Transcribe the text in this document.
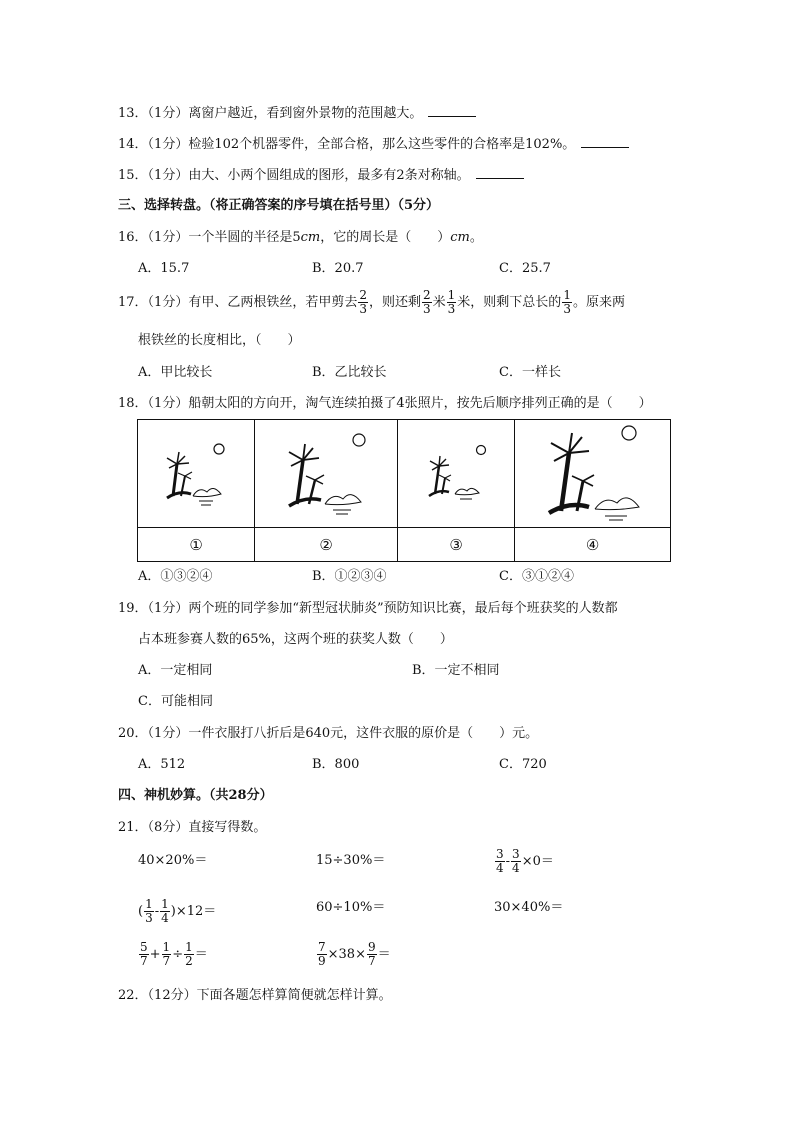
13．（1分）离窗户越近，看到窗外景物的范围越大。
14．（1分）检验102个机器零件，全部合格，那么这些零件的合格率是102%。
15．（1分）由大、小两个圆组成的图形，最多有2条对称轴。
三、选择转盘。（将正确答案的序号填在括号里）（5分）
16．（1分）一个半圆的半径是5cm，它的周长是（　　）cm。
A．15.7	B．20.7	C．25.7
17．（1分）有甲、乙两根铁丝，若甲剪去 $\frac{2}{3}$ ，则还剩 $\frac{2}{3}$ 米 $\frac{1}{3}$ 米，则剩下总长的 $\frac{1}{3}$ 。原来两
根铁丝的长度相比，（　　）
A．甲比较长	B．乙比较长	C．一样长
18．（1分）船朝太阳的方向开，淘气连续拍摄了4张照片，按先后顺序排列正确的是（　　）

①	②	③	④
A．①③②④	B．①②③④	C．③①②④
19．（1分）两个班的同学参加“新型冠状肺炎”预防知识比赛，最后每个班获奖的人数都
占本班参赛人数的65%，这两个班的获奖人数（　　）
A．一定相同	B．一定不相同
C．可能相同
20．（1分）一件衣服打八折后是640元，这件衣服的原价是（　　）元。
A．512	B．800	C．720
四、神机妙算。（共28分）
21．（8分）直接写得数。
40×20%＝	15÷30%＝	$\frac{3}{4} - \frac{3}{4} \times 0=$
( $\frac{1}{3} - \frac{1}{4} )\times 12=$	60÷10%＝	30×40%＝
$\frac{5}{7} + \frac{1}{7} \div \frac{1}{2}$ ＝	$\frac{7}{9} \times 38\times \frac{9}{7}$ ＝
22．（12分）下面各题怎样算简便就怎样计算。
